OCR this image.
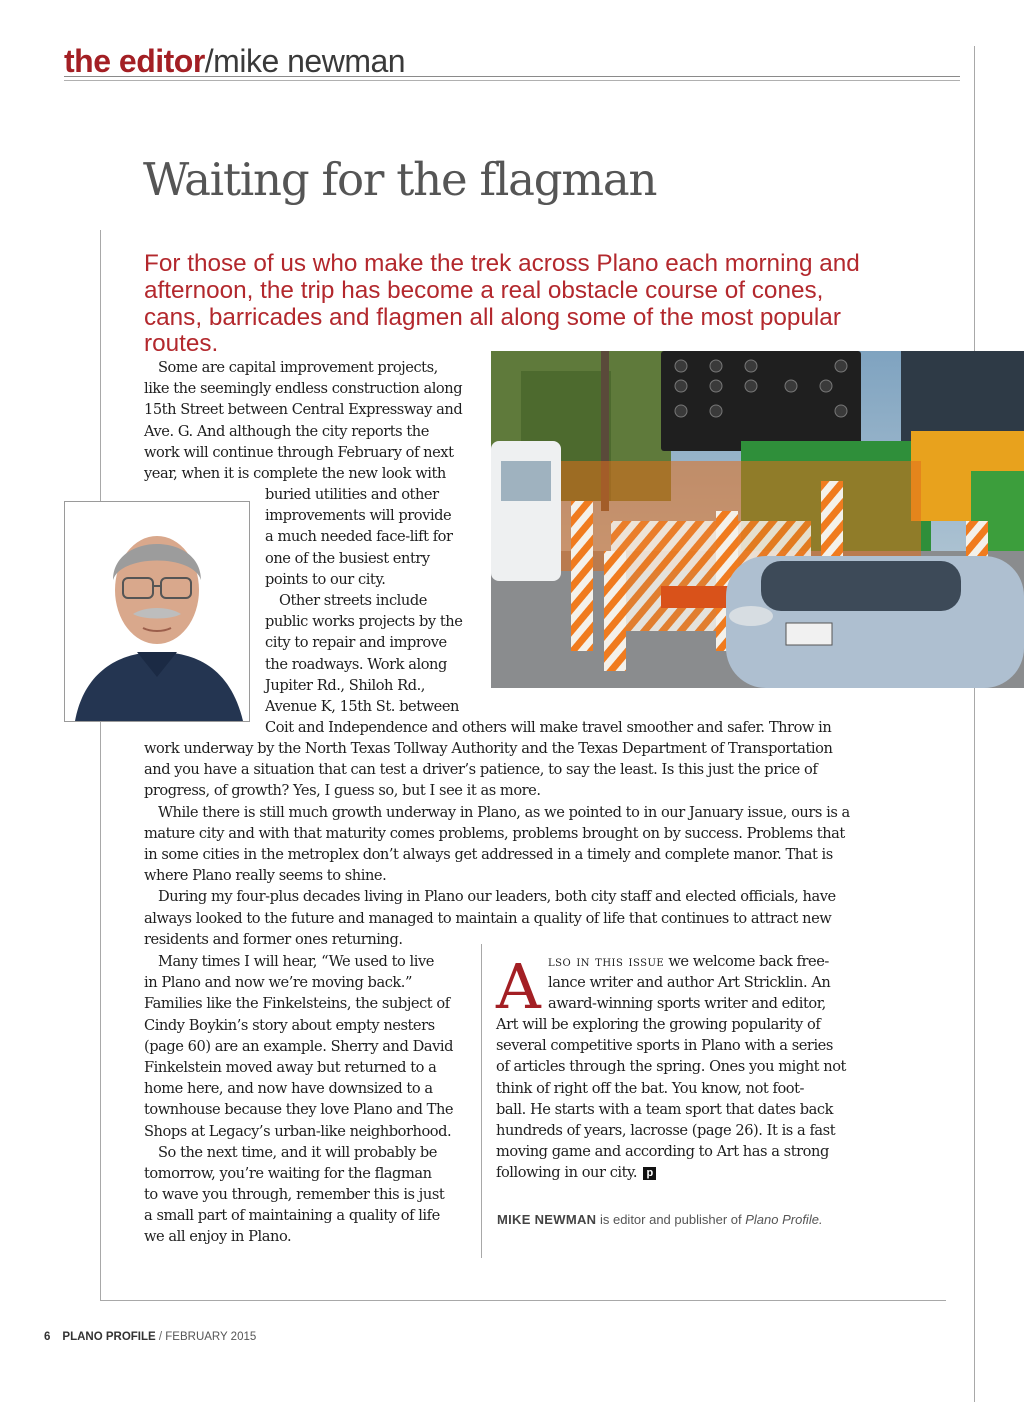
the editor/mike newman
Waiting for the flagman
For those of us who make the trek across Plano each morning and afternoon, the trip has become a real obstacle course of cones, cans, barricades and flagmen all along some of the most popular routes.
Some are capital improvement projects,
like the seemingly endless construction along
15th Street between Central Expressway and
Ave. G. And although the city reports the
work will continue through February of next
year, when it is complete the new look with
buried utilities and other
improvements will provide
a much needed face-lift for
one of the busiest entry
points to our city.
Other streets include
public works projects by the
city to repair and improve
the roadways. Work along
Jupiter Rd., Shiloh Rd.,
Avenue K, 15th St. between
Coit and Independence and others will make travel smoother and safer. Throw in
work underway by the North Texas Tollway Authority and the Texas Department of Transportation
and you have a situation that can test a driver’s patience, to say the least. Is this just the price of
progress, of growth? Yes, I guess so, but I see it as more.
While there is still much growth underway in Plano, as we pointed to in our January issue, ours is a
mature city and with that maturity comes problems, problems brought on by success. Problems that
in some cities in the metroplex don’t always get addressed in a timely and complete manor. That is
where Plano really seems to shine.
During my four-plus decades living in Plano our leaders, both city staff and elected officials, have
always looked to the future and managed to maintain a quality of life that continues to attract new
residents and former ones returning.
Many times I will hear, “We used to live
in Plano and now we’re moving back.”
Families like the Finkelsteins, the subject of
Cindy Boykin’s story about empty nesters
(page 60) are an example. Sherry and David
Finkelstein moved away but returned to a
home here, and now have downsized to a
townhouse because they love Plano and The
Shops at Legacy’s urban-like neighborhood.
So the next time, and it will probably be
tomorrow, you’re waiting for the flagman
to wave you through, remember this is just
a small part of maintaining a quality of life
we all enjoy in Plano.
A lso in this issue we welcome back free-
lance writer and author Art Stricklin. An
award-winning sports writer and editor,
Art will be exploring the growing popularity of
several competitive sports in Plano with a series
of articles through the spring. Ones you might not
think of right off the bat. You know, not foot-
ball. He starts with a team sport that dates back
hundreds of years, lacrosse (page 26). It is a fast
moving game and according to Art has a strong
following in our city. p
MIKE NEWMAN is editor and publisher of Plano Profile.
6 PLANO PROFILE / FEBRUARY 2015
